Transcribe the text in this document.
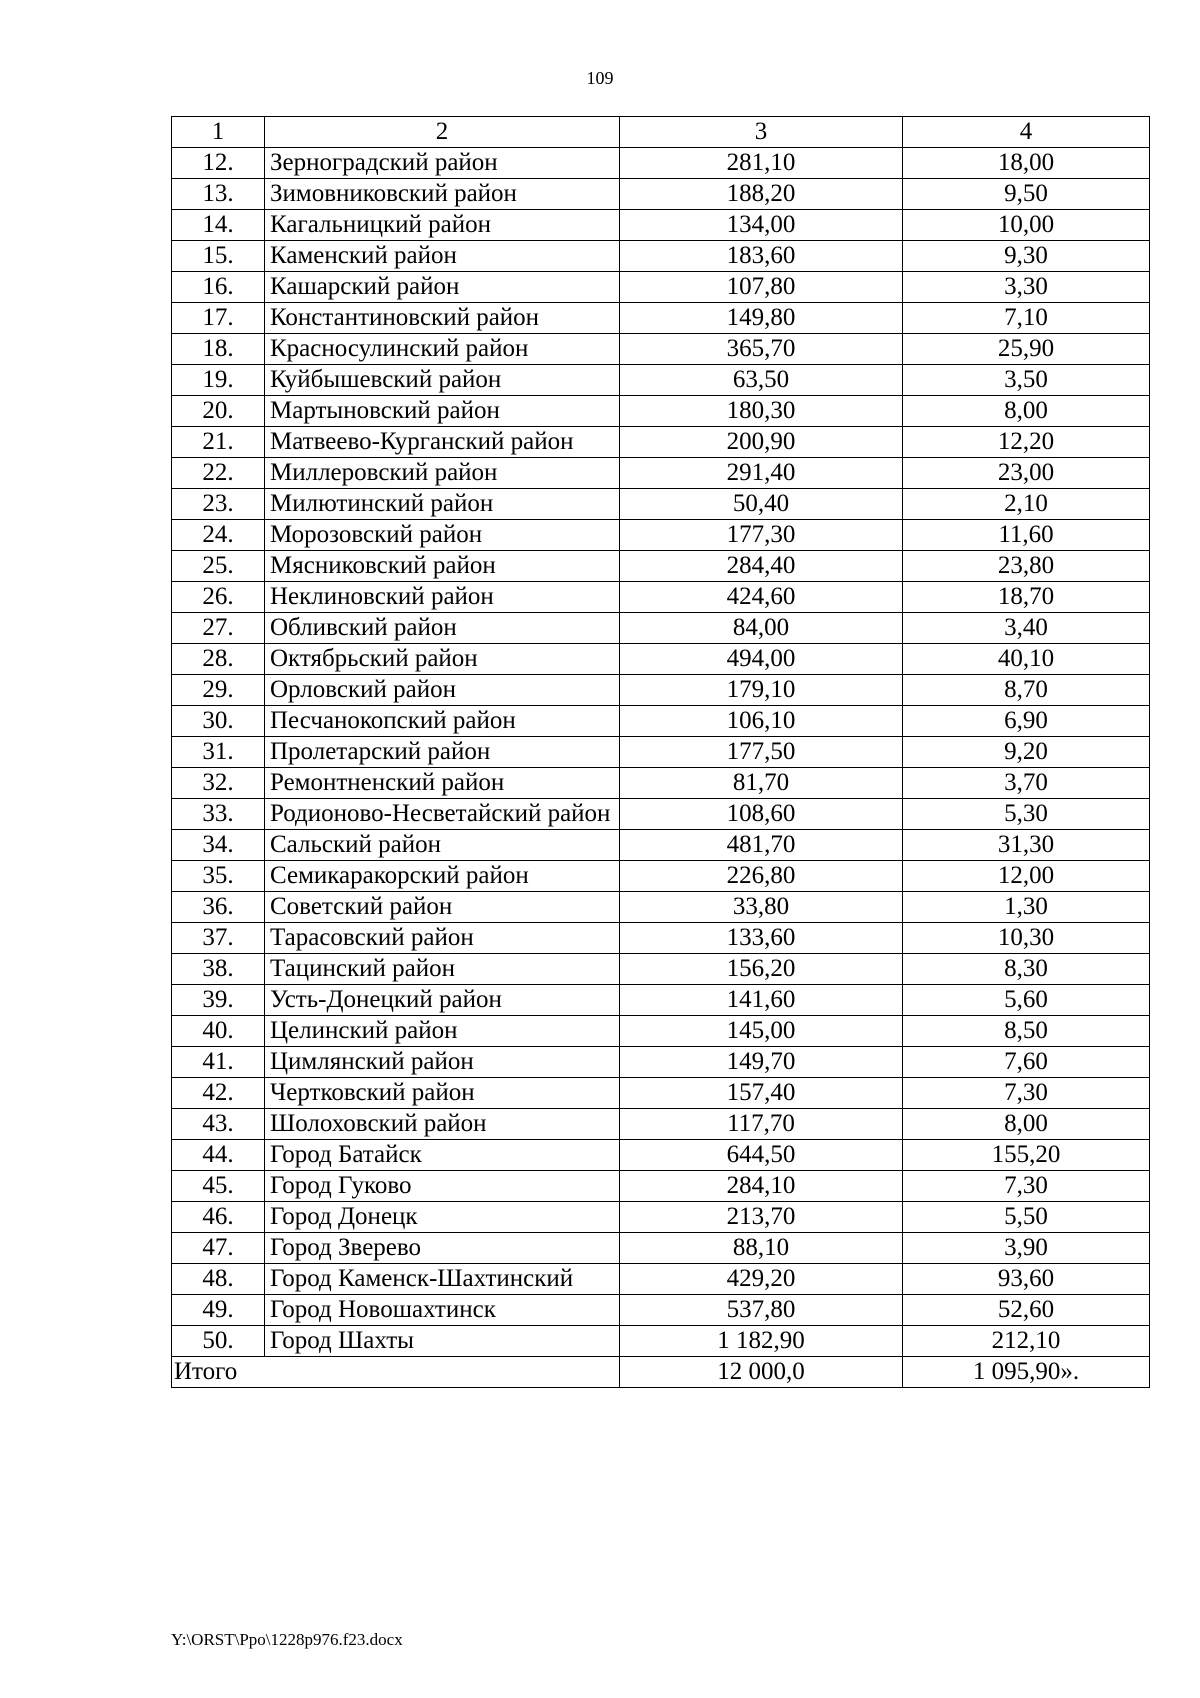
109
1	2	3	4
12.	Зерноградский район	281,10	18,00
13.	Зимовниковский район	188,20	9,50
14.	Кагальницкий район	134,00	10,00
15.	Каменский район	183,60	9,30
16.	Кашарский район	107,80	3,30
17.	Константиновский район	149,80	7,10
18.	Красносулинский район	365,70	25,90
19.	Куйбышевский район	63,50	3,50
20.	Мартыновский район	180,30	8,00
21.	Матвеево-Курганский район	200,90	12,20
22.	Миллеровский район	291,40	23,00
23.	Милютинский район	50,40	2,10
24.	Морозовский район	177,30	11,60
25.	Мясниковский район	284,40	23,80
26.	Неклиновский район	424,60	18,70
27.	Обливский район	84,00	3,40
28.	Октябрьский район	494,00	40,10
29.	Орловский район	179,10	8,70
30.	Песчанокопский район	106,10	6,90
31.	Пролетарский район	177,50	9,20
32.	Ремонтненский район	81,70	3,70
33.	Родионово-Несветайский район	108,60	5,30
34.	Сальский район	481,70	31,30
35.	Семикаракорский район	226,80	12,00
36.	Советский район	33,80	1,30
37.	Тарасовский район	133,60	10,30
38.	Тацинский район	156,20	8,30
39.	Усть-Донецкий район	141,60	5,60
40.	Целинский район	145,00	8,50
41.	Цимлянский район	149,70	7,60
42.	Чертковский район	157,40	7,30
43.	Шолоховский район	117,70	8,00
44.	Город Батайск	644,50	155,20
45.	Город Гуково	284,10	7,30
46.	Город Донецк	213,70	5,50
47.	Город Зверево	88,10	3,90
48.	Город Каменск-Шахтинский	429,20	93,60
49.	Город Новошахтинск	537,80	52,60
50.	Город Шахты	1 182,90	212,10
Итого		12 000,0	1 095,90».
Y:\ORST\Ppo\1228p976.f23.docx
